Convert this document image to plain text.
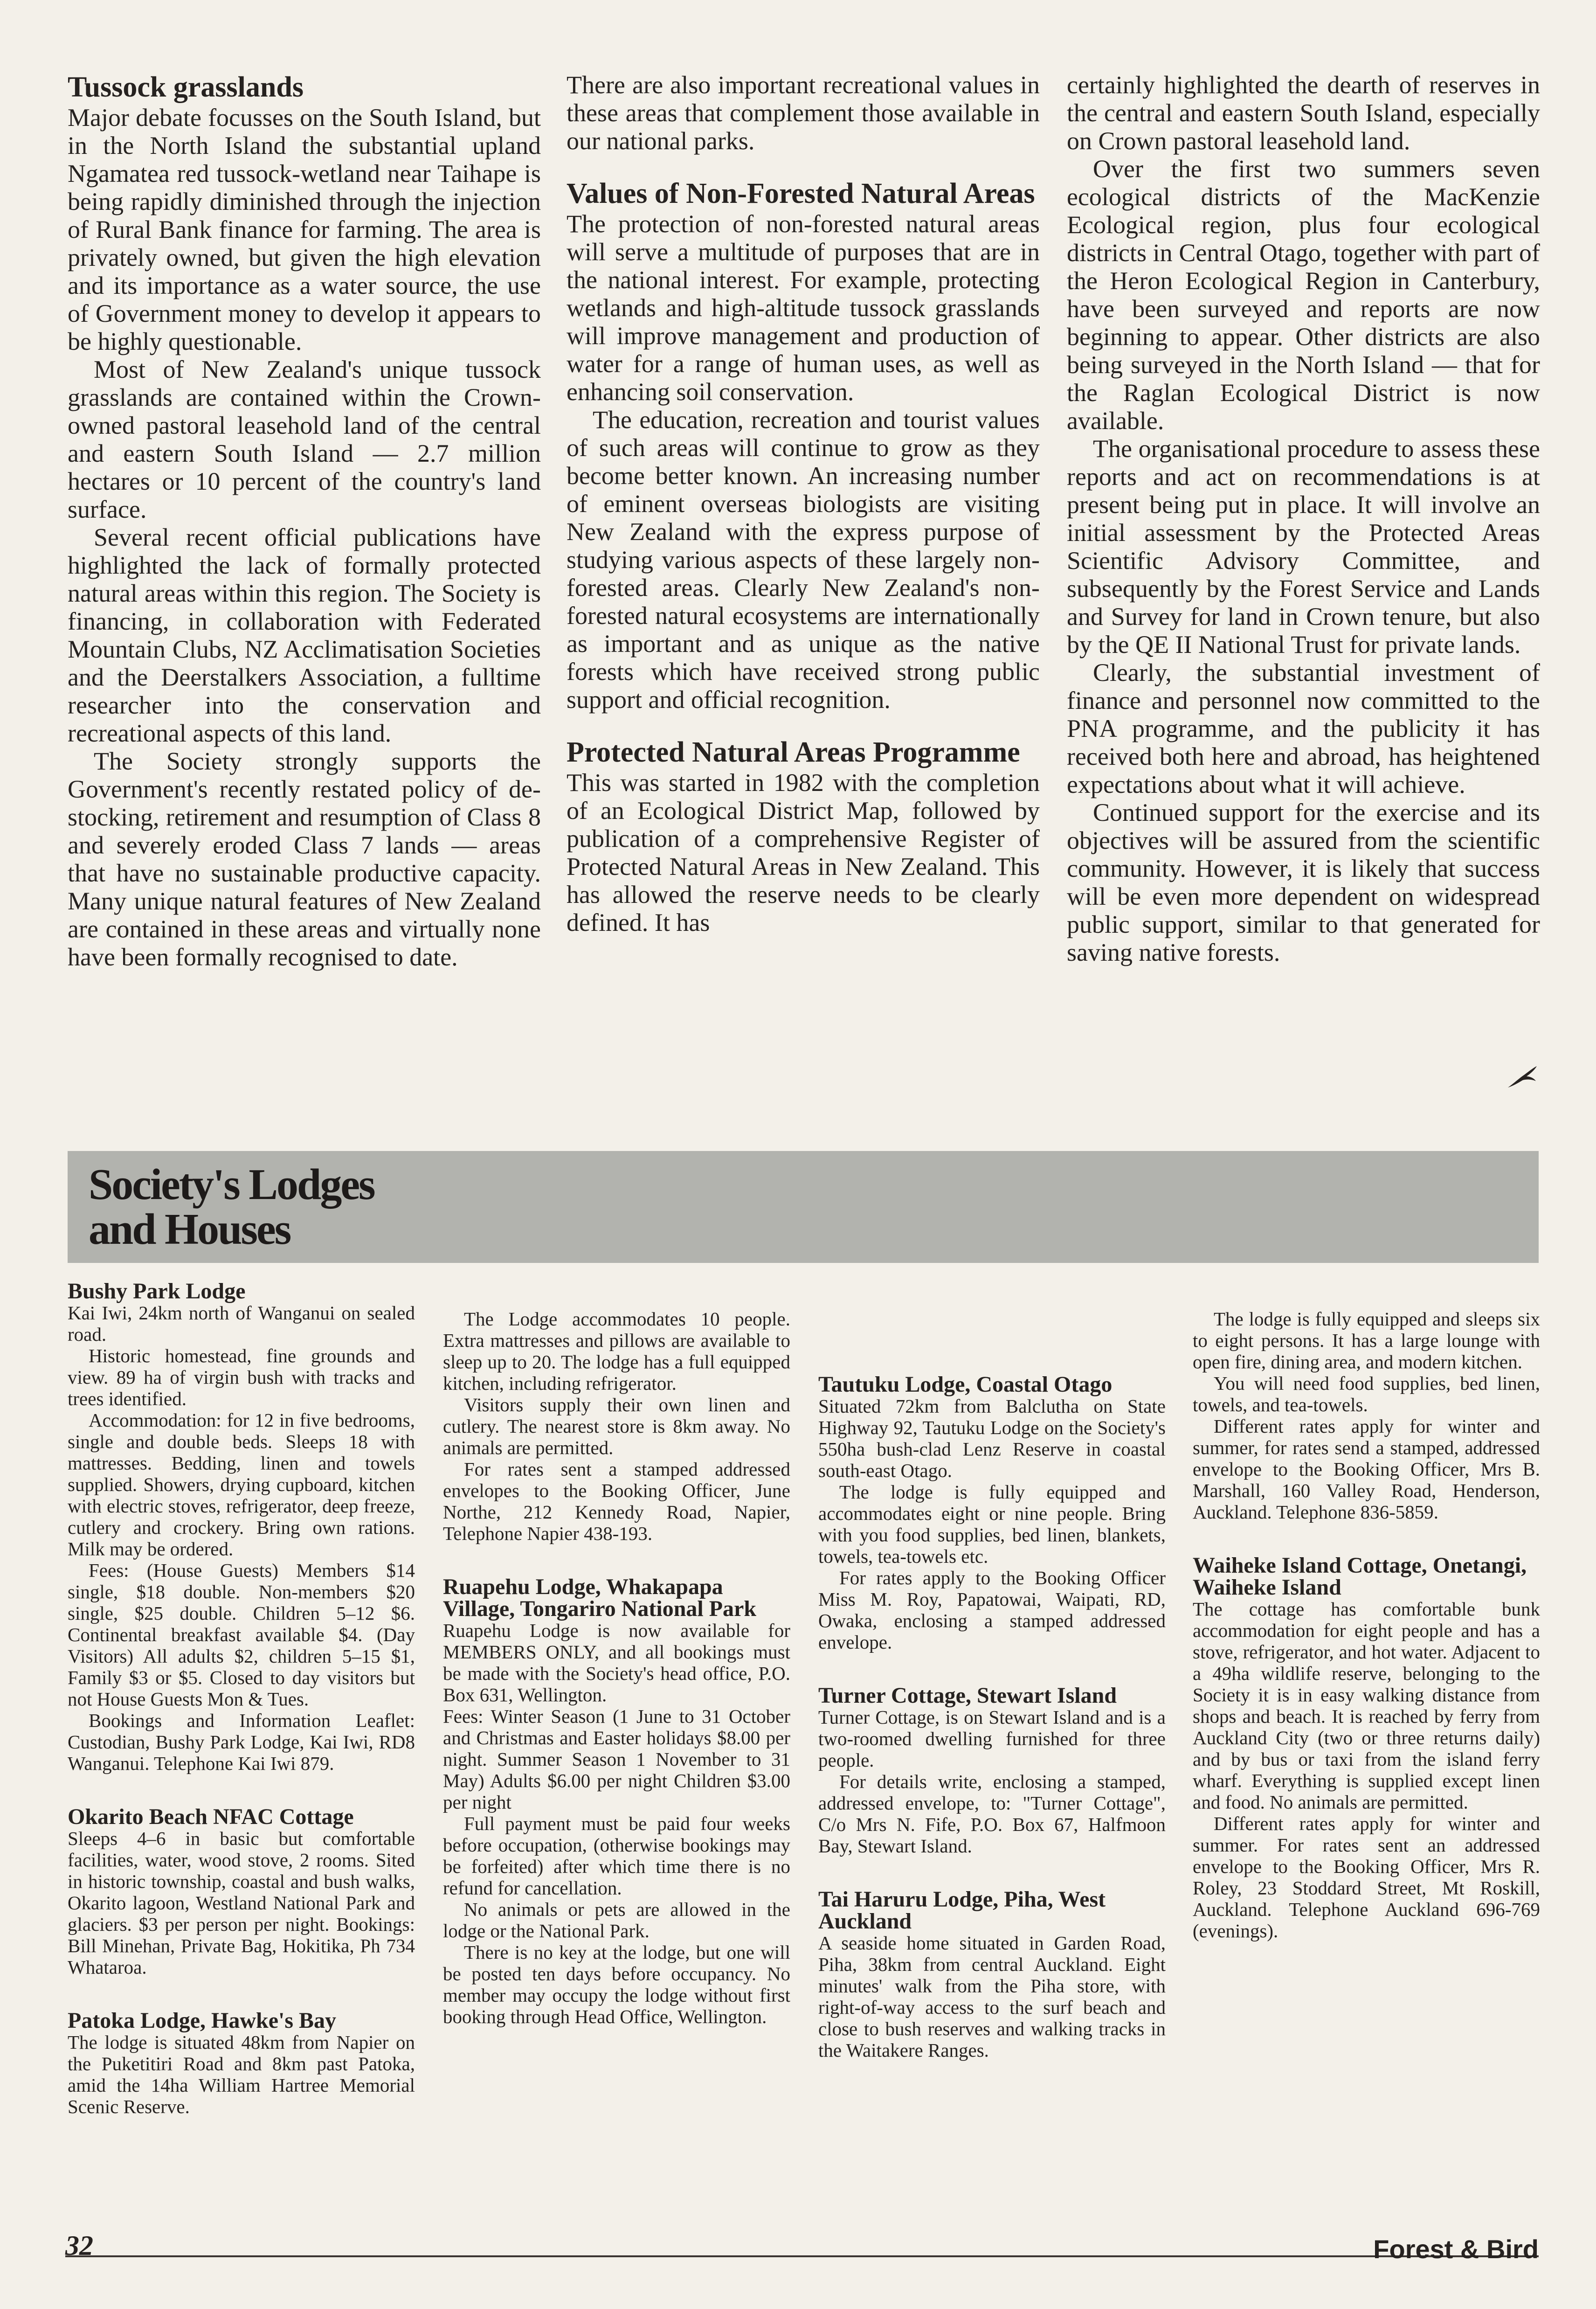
Tussock grasslands

Major debate focusses on the South Island, but in the North Island the substantial upland Ngamatea red tussock-wetland near Taihape is being rapidly diminished through the injection of Rural Bank finance for farming. The area is privately owned, but given the high elevation and its importance as a water source, the use of Government money to develop it appears to be highly questionable.

Most of New Zealand's unique tussock grasslands are contained within the Crown-owned pastoral leasehold land of the central and eastern South Island — 2.7 million hectares or 10 percent of the country's land surface.

Several recent official publications have highlighted the lack of formally protected natural areas within this region. The Society is financing, in collaboration with Federated Mountain Clubs, NZ Acclimatisation Societies and the Deerstalkers Association, a fulltime researcher into the conservation and recreational aspects of this land.

The Society strongly supports the Government's recently restated policy of de-stocking, retirement and resumption of Class 8 and severely eroded Class 7 lands — areas that have no sustainable productive capacity. Many unique natural features of New Zealand are contained in these areas and virtually none have been formally recognised to date.

There are also important recreational values in these areas that complement those available in our national parks.

Values of Non-Forested Natural Areas

The protection of non-forested natural areas will serve a multitude of purposes that are in the national interest. For example, protecting wetlands and high-altitude tussock grasslands will improve management and production of water for a range of human uses, as well as enhancing soil conservation.

The education, recreation and tourist values of such areas will continue to grow as they become better known. An increasing number of eminent overseas biologists are visiting New Zealand with the express purpose of studying various aspects of these largely non-forested areas. Clearly New Zealand's non-forested natural ecosystems are internationally as important and as unique as the native forests which have received strong public support and official recognition.

Protected Natural Areas Programme

This was started in 1982 with the completion of an Ecological District Map, followed by publication of a comprehensive Register of Protected Natural Areas in New Zealand. This has allowed the reserve needs to be clearly defined. It has

certainly highlighted the dearth of reserves in the central and eastern South Island, especially on Crown pastoral leasehold land.

Over the first two summers seven ecological districts of the MacKenzie Ecological region, plus four ecological districts in Central Otago, together with part of the Heron Ecological Region in Canterbury, have been surveyed and reports are now beginning to appear. Other districts are also being surveyed in the North Island — that for the Raglan Ecological District is now available.

The organisational procedure to assess these reports and act on recommendations is at present being put in place. It will involve an initial assessment by the Protected Areas Scientific Advisory Committee, and subsequently by the Forest Service and Lands and Survey for land in Crown tenure, but also by the QE II National Trust for private lands.

Clearly, the substantial investment of finance and personnel now committed to the PNA programme, and the publicity it has received both here and abroad, has heightened expectations about what it will achieve.

Continued support for the exercise and its objectives will be assured from the scientific community. However, it is likely that success will be even more dependent on widespread public support, similar to that generated for saving native forests.

Society's Lodges and Houses
Bushy Park Lodge

Kai Iwi, 24km north of Wanganui on sealed road.

Historic homestead, fine grounds and view. 89 ha of virgin bush with tracks and trees identified.

Accommodation: for 12 in five bedrooms, single and double beds. Sleeps 18 with mattresses. Bedding, linen and towels supplied. Showers, drying cupboard, kitchen with electric stoves, refrigerator, deep freeze, cutlery and crockery. Bring own rations. Milk may be ordered.

Fees: (House Guests) Members $14 single, $18 double. Non-members $20 single, $25 double. Children 5–12 $6. Continental breakfast available $4. (Day Visitors) All adults $2, children 5–15 $1, Family $3 or $5. Closed to day visitors but not House Guests Mon & Tues.

Bookings and Information Leaflet: Custodian, Bushy Park Lodge, Kai Iwi, RD8 Wanganui. Telephone Kai Iwi 879.

Okarito Beach NFAC Cottage

Sleeps 4–6 in basic but comfortable facilities, water, wood stove, 2 rooms. Sited in historic township, coastal and bush walks, Okarito lagoon, Westland National Park and glaciers. $3 per person per night. Bookings: Bill Minehan, Private Bag, Hokitika, Ph 734 Whataroa.

Patoka Lodge, Hawke's Bay

The lodge is situated 48km from Napier on the Puketitiri Road and 8km past Patoka, amid the 14ha William Hartree Memorial Scenic Reserve.

The Lodge accommodates 10 people. Extra mattresses and pillows are available to sleep up to 20. The lodge has a full equipped kitchen, including refrigerator.

Visitors supply their own linen and cutlery. The nearest store is 8km away. No animals are permitted.

For rates sent a stamped addressed envelopes to the Booking Officer, June Northe, 212 Kennedy Road, Napier, Telephone Napier 438-193.

Ruapehu Lodge, Whakapapa Village, Tongariro National Park

Ruapehu Lodge is now available for MEMBERS ONLY, and all bookings must be made with the Society's head office, P.O. Box 631, Wellington.

Fees: Winter Season (1 June to 31 October and Christmas and Easter holidays $8.00 per night. Summer Season 1 November to 31 May) Adults $6.00 per night Children $3.00 per night

Full payment must be paid four weeks before occupation, (otherwise bookings may be forfeited) after which time there is no refund for cancellation.

No animals or pets are allowed in the lodge or the National Park.

There is no key at the lodge, but one will be posted ten days before occupancy. No member may occupy the lodge without first booking through Head Office, Wellington.

Tautuku Lodge, Coastal Otago

Situated 72km from Balclutha on State Highway 92, Tautuku Lodge on the Society's 550ha bush-clad Lenz Reserve in coastal south-east Otago.

The lodge is fully equipped and accommodates eight or nine people. Bring with you food supplies, bed linen, blankets, towels, tea-towels etc.

For rates apply to the Booking Officer Miss M. Roy, Papatowai, Waipati, RD, Owaka, enclosing a stamped addressed envelope.

Turner Cottage, Stewart Island

Turner Cottage, is on Stewart Island and is a two-roomed dwelling furnished for three people.

For details write, enclosing a stamped, addressed envelope, to: "Turner Cottage", C/o Mrs N. Fife, P.O. Box 67, Halfmoon Bay, Stewart Island.

Tai Haruru Lodge, Piha, West Auckland

A seaside home situated in Garden Road, Piha, 38km from central Auckland. Eight minutes' walk from the Piha store, with right-of-way access to the surf beach and close to bush reserves and walking tracks in the Waitakere Ranges.

The lodge is fully equipped and sleeps six to eight persons. It has a large lounge with open fire, dining area, and modern kitchen.

You will need food supplies, bed linen, towels, and tea-towels.

Different rates apply for winter and summer, for rates send a stamped, addressed envelope to the Booking Officer, Mrs B. Marshall, 160 Valley Road, Henderson, Auckland. Telephone 836-5859.

Waiheke Island Cottage, Onetangi, Waiheke Island

The cottage has comfortable bunk accommodation for eight people and has a stove, refrigerator, and hot water. Adjacent to a 49ha wildlife reserve, belonging to the Society it is in easy walking distance from shops and beach. It is reached by ferry from Auckland City (two or three returns daily) and by bus or taxi from the island ferry wharf. Everything is supplied except linen and food. No animals are permitted.

Different rates apply for winter and summer. For rates sent an addressed envelope to the Booking Officer, Mrs R. Roley, 23 Stoddard Street, Mt Roskill, Auckland. Telephone Auckland 696-769 (evenings).

32	Forest & Bird
